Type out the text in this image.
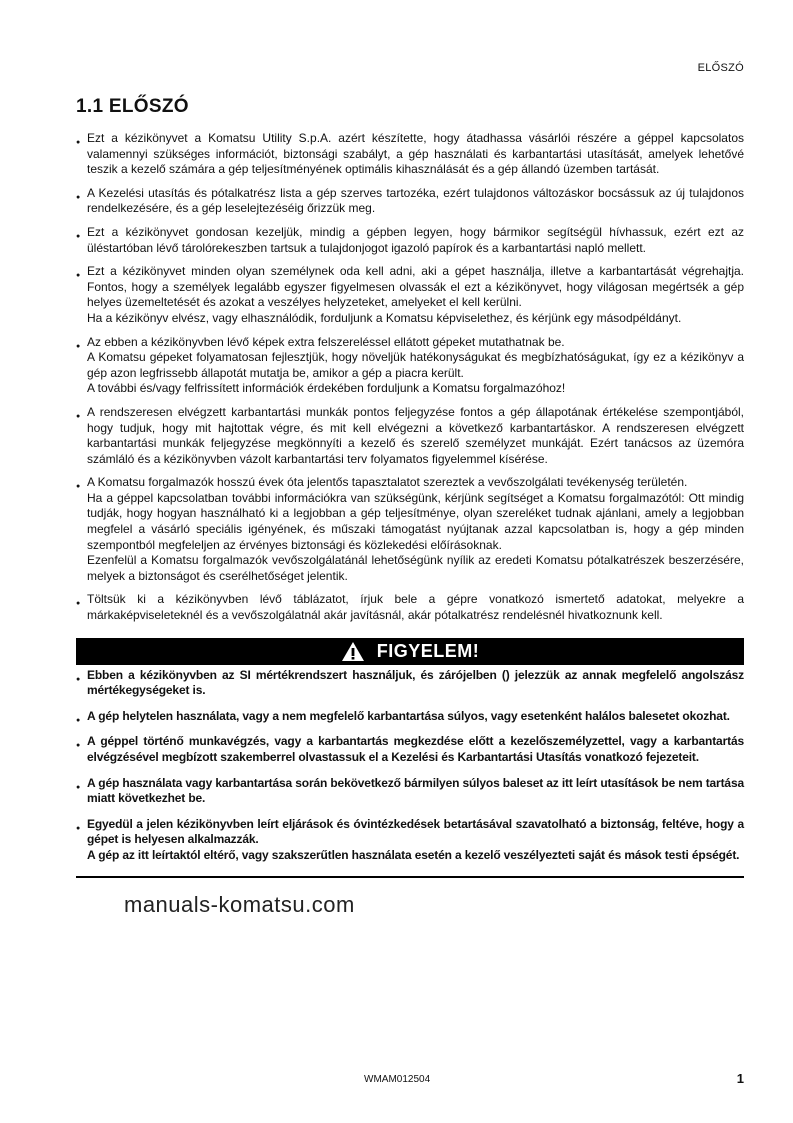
ELŐSZÓ
1.1 ELŐSZÓ
● Ezt a kézikönyvet a Komatsu Utility S.p.A. azért készítette, hogy átadhassa vásárlói részére a géppel kapcsolatos valamennyi szükséges információt, biztonsági szabályt, a gép használati és karbantartási utasítását, amelyek lehetővé teszik a kezelő számára a gép teljesítményének optimális kihasználását és a gép állandó üzemben tartását.
● A Kezelési utasítás és pótalkatrész lista a gép szerves tartozéka, ezért tulajdonos változáskor bocsássuk az új tulajdonos rendelkezésére, és a gép leselejtezéséig őrizzük meg.
● Ezt a kézikönyvet gondosan kezeljük, mindig a gépben legyen, hogy bármikor segítségül hívhassuk, ezért ezt az üléstartóban lévő tárolórekeszben tartsuk a tulajdonjogot igazoló papírok és a karbantartási napló mellett.
● Ezt a kézikönyvet minden olyan személynek oda kell adni, aki a gépet használja, illetve a karbantartását végrehajtja. Fontos, hogy a személyek legalább egyszer figyelmesen olvassák el ezt a kézikönyvet, hogy világosan megértsék a gép helyes üzemeltetését és azokat a veszélyes helyzeteket, amelyeket el kell kerülni.
Ha a kézikönyv elvész, vagy elhasználódik, forduljunk a Komatsu képviselethez, és kérjünk egy másodpéldányt.
● Az ebben a kézikönyvben lévő képek extra felszereléssel ellátott gépeket mutathatnak be.
A Komatsu gépeket folyamatosan fejlesztjük, hogy növeljük hatékonyságukat és megbízhatóságukat, így ez a kézikönyv a gép azon legfrissebb állapotát mutatja be, amikor a gép a piacra került.
A további és/vagy felfrissített információk érdekében forduljunk a Komatsu forgalmazóhoz!
● A rendszeresen elvégzett karbantartási munkák pontos feljegyzése fontos a gép állapotának értékelése szempontjából, hogy tudjuk, hogy mit hajtottak végre, és mit kell elvégezni a következő karbantartáskor. A rendszeresen elvégzett karbantartási munkák feljegyzése megkönnyíti a kezelő és szerelő személyzet munkáját. Ezért tanácsos az üzemóra számláló és a kézikönyvben vázolt karbantartási terv folyamatos figyelemmel kísérése.
● A Komatsu forgalmazók hosszú évek óta jelentős tapasztalatot szereztek a vevőszolgálati tevékenység területén.
Ha a géppel kapcsolatban további információkra van szükségünk, kérjünk segítséget a Komatsu forgalmazótól: Ott mindig tudják, hogy hogyan használható ki a legjobban a gép teljesítménye, olyan szereléket tudnak ajánlani, amely a legjobban megfelel a vásárló speciális igényének, és műszaki támogatást nyújtanak azzal kapcsolatban is, hogy a gép minden szempontból megfeleljen az érvényes biztonsági és közlekedési előírásoknak.
Ezenfelül a Komatsu forgalmazók vevőszolgálatánál lehetőségünk nyílik az eredeti Komatsu pótalkatrészek beszerzésére, melyek a biztonságot és cserélhetőséget jelentik.
● Töltsük ki a kézikönyvben lévő táblázatot, írjuk bele a gépre vonatkozó ismertető adatokat, melyekre a márkaképviseleteknél és a vevőszolgálatnál akár javításnál, akár pótalkatrész rendelésnél hivatkoznunk kell.
FIGYELEM!
● Ebben a kézikönyvben az SI mértékrendszert használjuk, és zárójelben () jelezzük az annak megfelelő angolszász mértékegységeket is.
● A gép helytelen használata, vagy a nem megfelelő karbantartása súlyos, vagy esetenként halálos balesetet okozhat.
● A géppel történő munkavégzés, vagy a karbantartás megkezdése előtt a kezelőszemélyzettel, vagy a karbantartás elvégzésével megbízott szakemberrel olvastassuk el a Kezelési és Karbantartási Utasítás vonatkozó fejezeteit.
● A gép használata vagy karbantartása során bekövetkező bármilyen súlyos baleset az itt leírt utasítások be nem tartása miatt következhet be.
● Egyedül a jelen kézikönyvben leírt eljárások és óvintézkedések betartásával szavatolható a biztonság, feltéve, hogy a gépet is helyesen alkalmazzák.
A gép az itt leírtaktól eltérő, vagy szakszerűtlen használata esetén a kezelő veszélyezteti saját és mások testi épségét.
manuals-komatsu.com
WMAM012504	1
